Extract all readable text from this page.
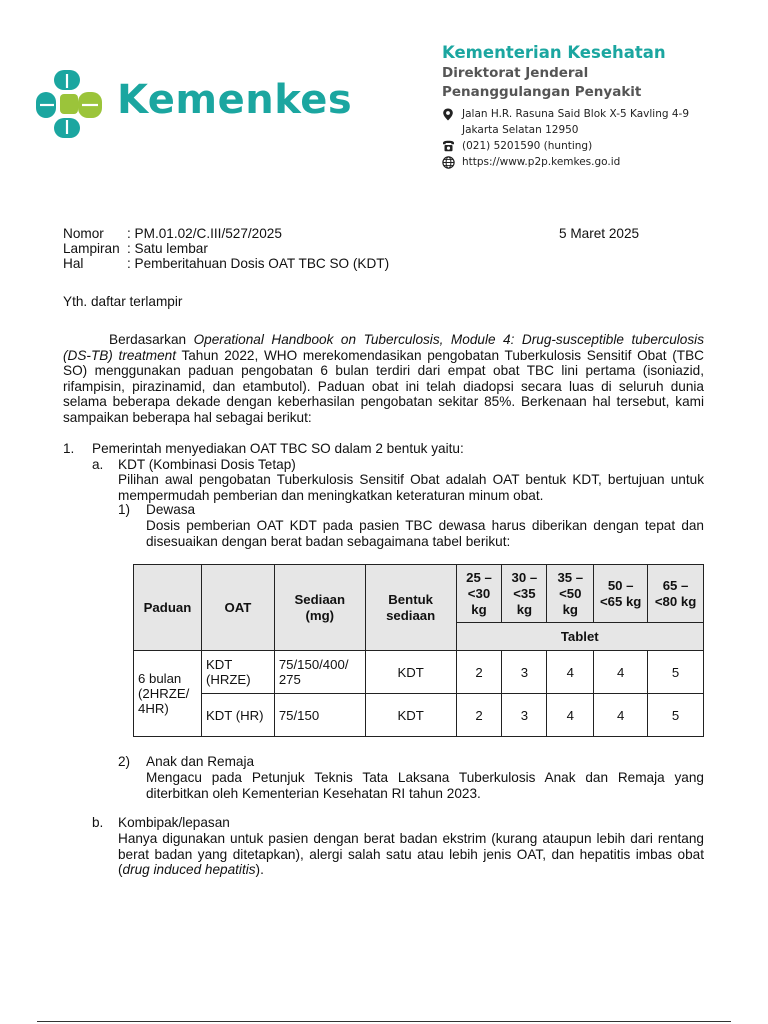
Kemenkes
Kementerian Kesehatan
Direktorat Jenderal
Penanggulangan Penyakit
Jalan H.R. Rasuna Said Blok X-5 Kavling 4-9
Jakarta Selatan 12950
(021) 5201590 (hunting)
https://www.p2p.kemkes.go.id
Nomor : PM.01.02/C.III/527/2025
Lampiran : Satu lembar
Hal	: Pemberitahuan Dosis OAT TBC SO (KDT)
5 Maret 2025
Yth. daftar terlampir
Berdasarkan Operational Handbook on Tuberculosis, Module 4: Drug-susceptible tuberculosis (DS-TB) treatment Tahun 2022, WHO merekomendasikan pengobatan Tuberkulosis Sensitif Obat (TBC SO) menggunakan paduan pengobatan 6 bulan terdiri dari empat obat TBC lini pertama (isoniazid, rifampisin, pirazinamid, dan etambutol). Paduan obat ini telah diadopsi secara luas di seluruh dunia selama beberapa dekade dengan keberhasilan pengobatan sekitar 85%. Berkenaan hal tersebut, kami sampaikan beberapa hal sebagai berikut:
1. Pemerintah menyediakan OAT TBC SO dalam 2 bentuk yaitu:
a. KDT (Kombinasi Dosis Tetap)
Pilihan awal pengobatan Tuberkulosis Sensitif Obat adalah OAT bentuk KDT, bertujuan untuk mempermudah pemberian dan meningkatkan keteraturan minum obat.
1) Dewasa
Dosis pemberian OAT KDT pada pasien TBC dewasa harus diberikan dengan tepat dan disesuaikan dengan berat badan sebagaimana tabel berikut:
Paduan	OAT	Sediaan (mg)	Bentuk sediaan	25 – <30 kg	30 – <35 kg	35 – <50 kg	50 – <65 kg	65 – <80 kg
				Tablet				
6 bulan (2HRZE/ 4HR)	KDT (HRZE)	75/150/400/ 275	KDT	2	3	4	4	5
	KDT (HR)	75/150	KDT	2	3	4	4	5
2) Anak dan Remaja
Mengacu pada Petunjuk Teknis Tata Laksana Tuberkulosis Anak dan Remaja yang diterbitkan oleh Kementerian Kesehatan RI tahun 2023.
b. Kombipak/lepasan
Hanya digunakan untuk pasien dengan berat badan ekstrim (kurang ataupun lebih dari rentang berat badan yang ditetapkan), alergi salah satu atau lebih jenis OAT, dan hepatitis imbas obat (drug induced hepatitis).
